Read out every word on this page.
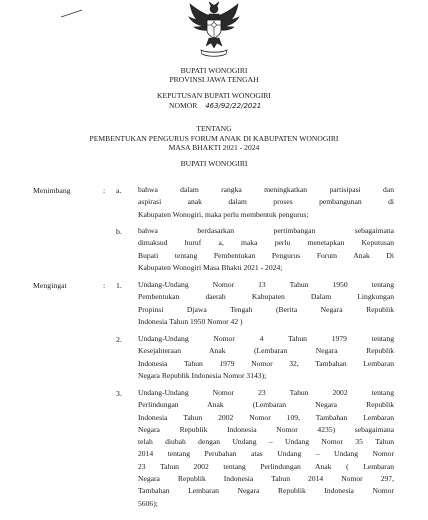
BUPATI WONOGIRI
PROVINSI JAWA TENGAH
KEPUTUSAN BUPATI WONOGIRI
NOMOR 463/92/22/2021
TENTANG
PEMBENTUKAN PENGURUS FORUM ANAK DI KABUPATEN WONOGIRI
MASA BHAKTI 2021 - 2024
BUPATI WONOGIRI
Menimbang	: a. bahwa dalam rangka meningkatkan partisipasi dan

aspirasi anak dalam proses pembangunan di

Kabupaten Wonogiri, maka perlu membentuk pengurus;

b. bahwa berdasarkan pertimbangan sebagaimana

dimaksud huruf a, maka perlu menetapkan Keputusan

Bupati tentang Pembentukan Pengurus Forum Anak Di

Kabupaten Wonogiri Masa Bhakti 2021 - 2024;

Mengingat	: 1. Undang-Undang Nomor 13 Tahun 1950 tentang

Pembentukan daerah Kabupaten Dalam Lingkungan

Propinsi Djawa Tengah (Berita Negara Republik

Indonesia Tahun 1950 Nomor 42 )

2. Undang-Undang Nomor 4 Tahun 1979 tentang

Kesejahteraan Anak (Lembaran Negara Republik

Indonesia Tahun 1979 Nomor 32, Tambahan Lembaran

Negara Republik Indonesia Nomor 3143);

3. Undang-Undang Nomor 23 Tahun 2002 tentang

Perlindungan Anak (Lembaran Negara Republik

Indonesia Tahun 2002 Nomor 109, Tambahan Lembaran

Negara Republik Indonesia Nomor 4235) sebagaimana

telah diubah dengan Undang – Undang Nomor 35 Tahun

2014 tentang Perubahan atas Undang – Undang Nomor

23 Tahun 2002 tentang Perlindungan Anak ( Lembaran

Negara Republik Indonesia Tahun 2014 Nomor 297,

Tambahan Lembaran Negara Republik Indonesia Nomor

5606);
